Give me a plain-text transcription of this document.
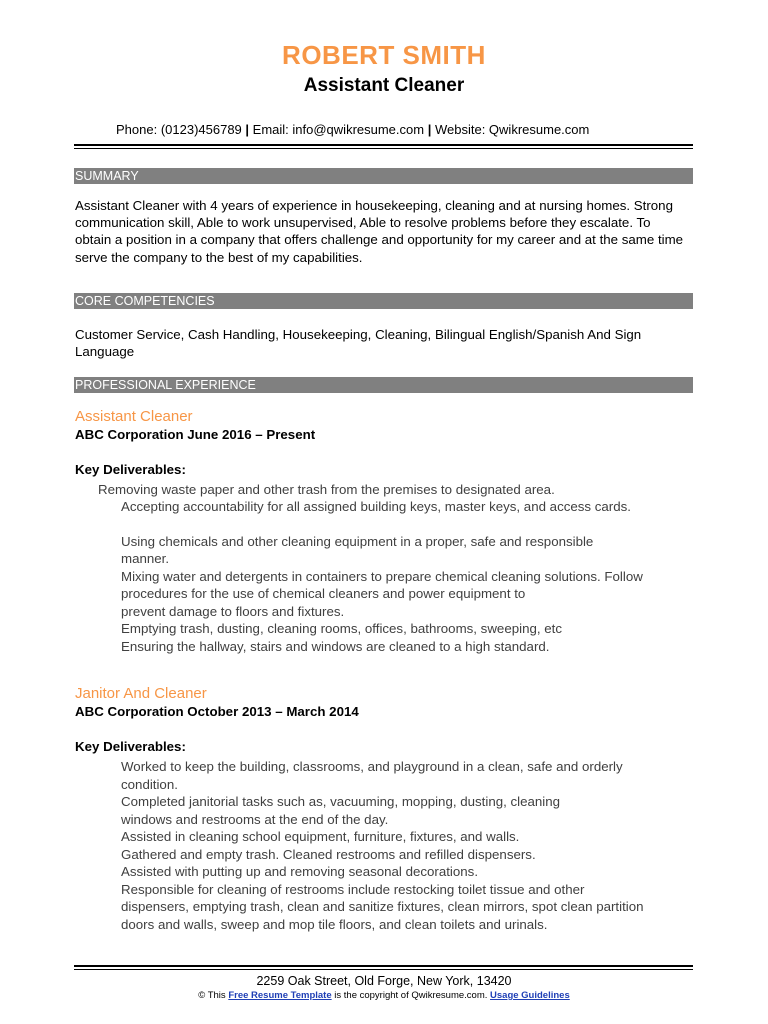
ROBERT SMITH
Assistant Cleaner
Phone: (0123)456789 | Email: info@qwikresume.com | Website: Qwikresume.com
SUMMARY
Assistant Cleaner with 4 years of experience in housekeeping, cleaning and at nursing homes. Strong communication skill, Able to work unsupervised, Able to resolve problems before they escalate. To obtain a position in a company that offers challenge and opportunity for my career and at the same time serve the company to the best of my capabilities.
CORE COMPETENCIES
Customer Service, Cash Handling, Housekeeping, Cleaning, Bilingual English/Spanish And Sign Language
PROFESSIONAL EXPERIENCE
Assistant Cleaner
ABC Corporation June 2016 – Present
Key Deliverables:
Removing waste paper and other trash from the premises to designated area.
Accepting accountability for all assigned building keys, master keys, and access cards.
Using chemicals and other cleaning equipment in a proper, safe and responsible
manner.
Mixing water and detergents in containers to prepare chemical cleaning solutions. Follow
procedures for the use of chemical cleaners and power equipment to
prevent damage to floors and fixtures.
Emptying trash, dusting, cleaning rooms, offices, bathrooms, sweeping, etc
Ensuring the hallway, stairs and windows are cleaned to a high standard.
Janitor And Cleaner
ABC Corporation October 2013 – March 2014
Key Deliverables:
Worked to keep the building, classrooms, and playground in a clean, safe and orderly
condition.
Completed janitorial tasks such as, vacuuming, mopping, dusting, cleaning
windows and restrooms at the end of the day.
Assisted in cleaning school equipment, furniture, fixtures, and walls.
Gathered and empty trash. Cleaned restrooms and refilled dispensers.
Assisted with putting up and removing seasonal decorations.
Responsible for cleaning of restrooms include restocking toilet tissue and other
dispensers, emptying trash, clean and sanitize fixtures, clean mirrors, spot clean partition
doors and walls, sweep and mop tile floors, and clean toilets and urinals.
2259 Oak Street, Old Forge, New York, 13420
© This Free Resume Template is the copyright of Qwikresume.com. Usage Guidelines
